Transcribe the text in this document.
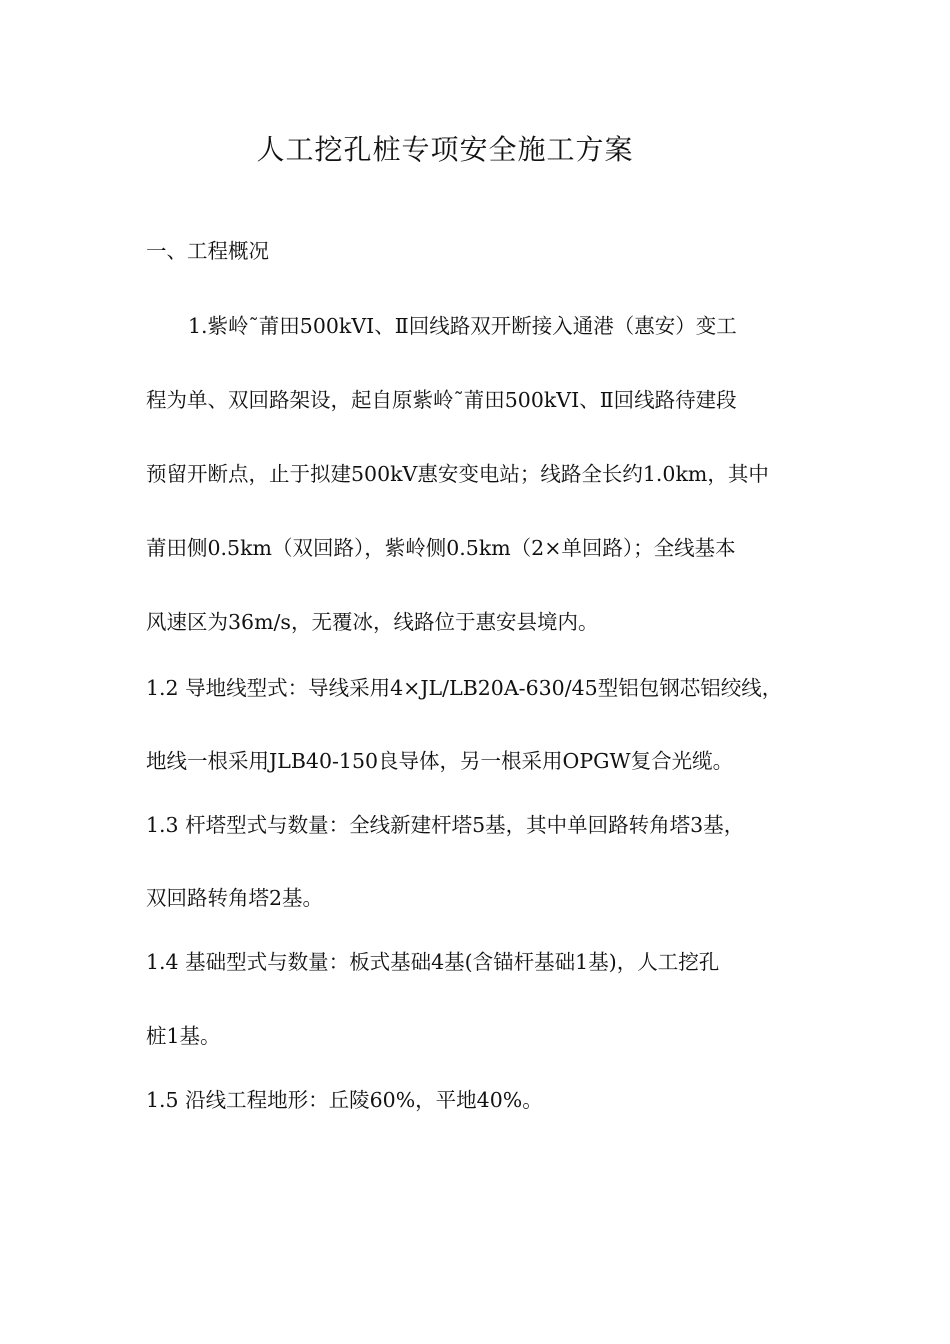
人工挖孔桩专项安全施工方案
一、工程概况
1.紫岭˜莆田500kVⅠ、Ⅱ回线路双开断接入通港（惠安）变工
程为单、双回路架设，起自原紫岭˜莆田500kVⅠ、Ⅱ回线路待建段
预留开断点，止于拟建500kV惠安变电站；线路全长约1.0km，其中
莆田侧0.5km（双回路），紫岭侧0.5km（2×单回路）；全线基本
风速区为36m/s，无覆冰，线路位于惠安县境内。
1.2 导地线型式：导线采用4×JL/LB20A-630/45型铝包钢芯铝绞线，
地线一根采用JLB40-150良导体，另一根采用OPGW复合光缆。
1.3 杆塔型式与数量：全线新建杆塔5基，其中单回路转角塔3基，
双回路转角塔2基。
1.4 基础型式与数量：板式基础4基(含锚杆基础1基)，人工挖孔
桩1基。
1.5 沿线工程地形：丘陵60%，平地40%。
